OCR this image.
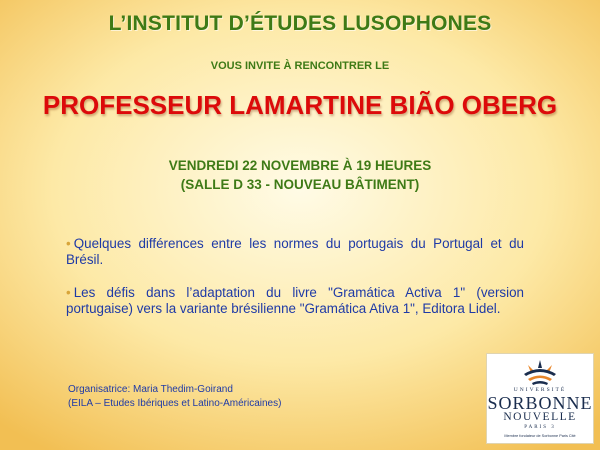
L’INSTITUT D’ÉTUDES LUSOPHONES
VOUS INVITE À RENCONTRER LE
PROFESSEUR LAMARTINE BIÃO OBERG
VENDREDI 22 NOVEMBRE À 19 HEURES
(SALLE D 33 - NOUVEAU BÂTIMENT)

• Quelques différences entre les normes du portugais du Portugal et du Brésil.

• Les défis dans l’adaptation du livre "Gramática Activa 1" (version portugaise) vers la variante brésilienne "Gramática Ativa 1", Editora Lidel.

Organisatrice: Maria Thedim-Goirand
(EILA – Etudes Ibériques et Latino-Américaines)
UNIVERSITÉ
SORBONNE
NOUVELLE
PARIS 3
Membre fondateur de Sorbonne Paris Cité
